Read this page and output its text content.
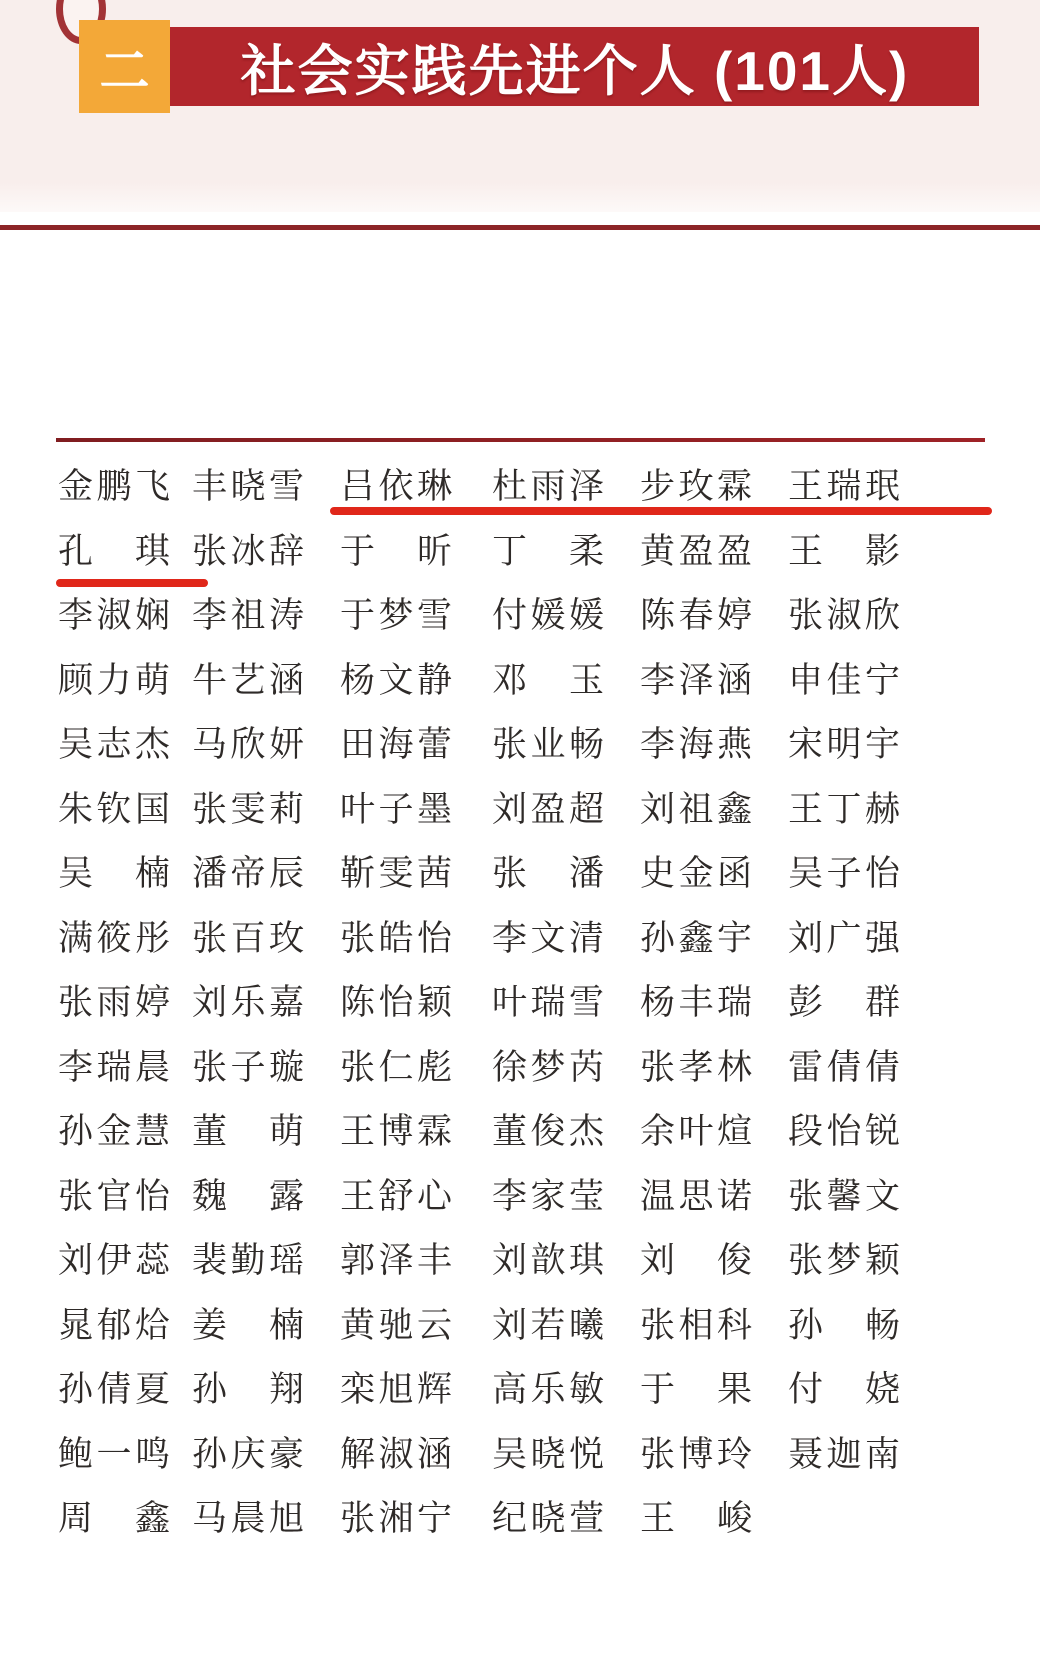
社会实践先进个人 (101人)
二
金 鹏 飞 丰 晓 雪 吕 依 琳 杜 雨 泽 步 玫 霖 王 瑞 珉
孔 琪 张 冰 辞 于 昕 丁 柔 黄 盈 盈 王 影
李 淑 娴 李 祖 涛 于 梦 雪 付 媛 媛 陈 春 婷 张 淑 欣
顾 力 萌 牛 艺 涵 杨 文 静 邓 玉 李 泽 涵 申 佳 宁
吴 志 杰 马 欣 妍 田 海 蕾 张 业 畅 李 海 燕 宋 明 宇
朱 钦 国 张 雯 莉 叶 子 墨 刘 盈 超 刘 祖 鑫 王 丁 赫
吴 楠 潘 帝 辰 靳 雯 茜 张 潘 史 金 函 吴 子 怡
满 筱 彤 张 百 玫 张 皓 怡 李 文 清 孙 鑫 宇 刘 广 强
张 雨 婷 刘 乐 嘉 陈 怡 颖 叶 瑞 雪 杨 丰 瑞 彭 群
李 瑞 晨 张 子 璇 张 仁 彪 徐 梦 芮 张 孝 林 雷 倩 倩
孙 金 慧 董 萌 王 博 霖 董 俊 杰 余 叶 煊 段 怡 锐
张 官 怡 魏 露 王 舒 心 李 家 莹 温 思 诺 张 馨 文
刘 伊 蕊 裴 勤 瑶 郭 泽 丰 刘 歆 琪 刘 俊 张 梦 颖
晁 郁 烚 姜 楠 黄 驰 云 刘 若 曦 张 相 科 孙 畅
孙 倩 夏 孙 翔 栾 旭 辉 高 乐 敏 于 果 付 娆
鲍 一 鸣 孙 庆 豪 解 淑 涵 吴 晓 悦 张 博 玲 聂 迦 南
周 鑫 马 晨 旭 张 湘 宁 纪 晓 萱 王 峻
